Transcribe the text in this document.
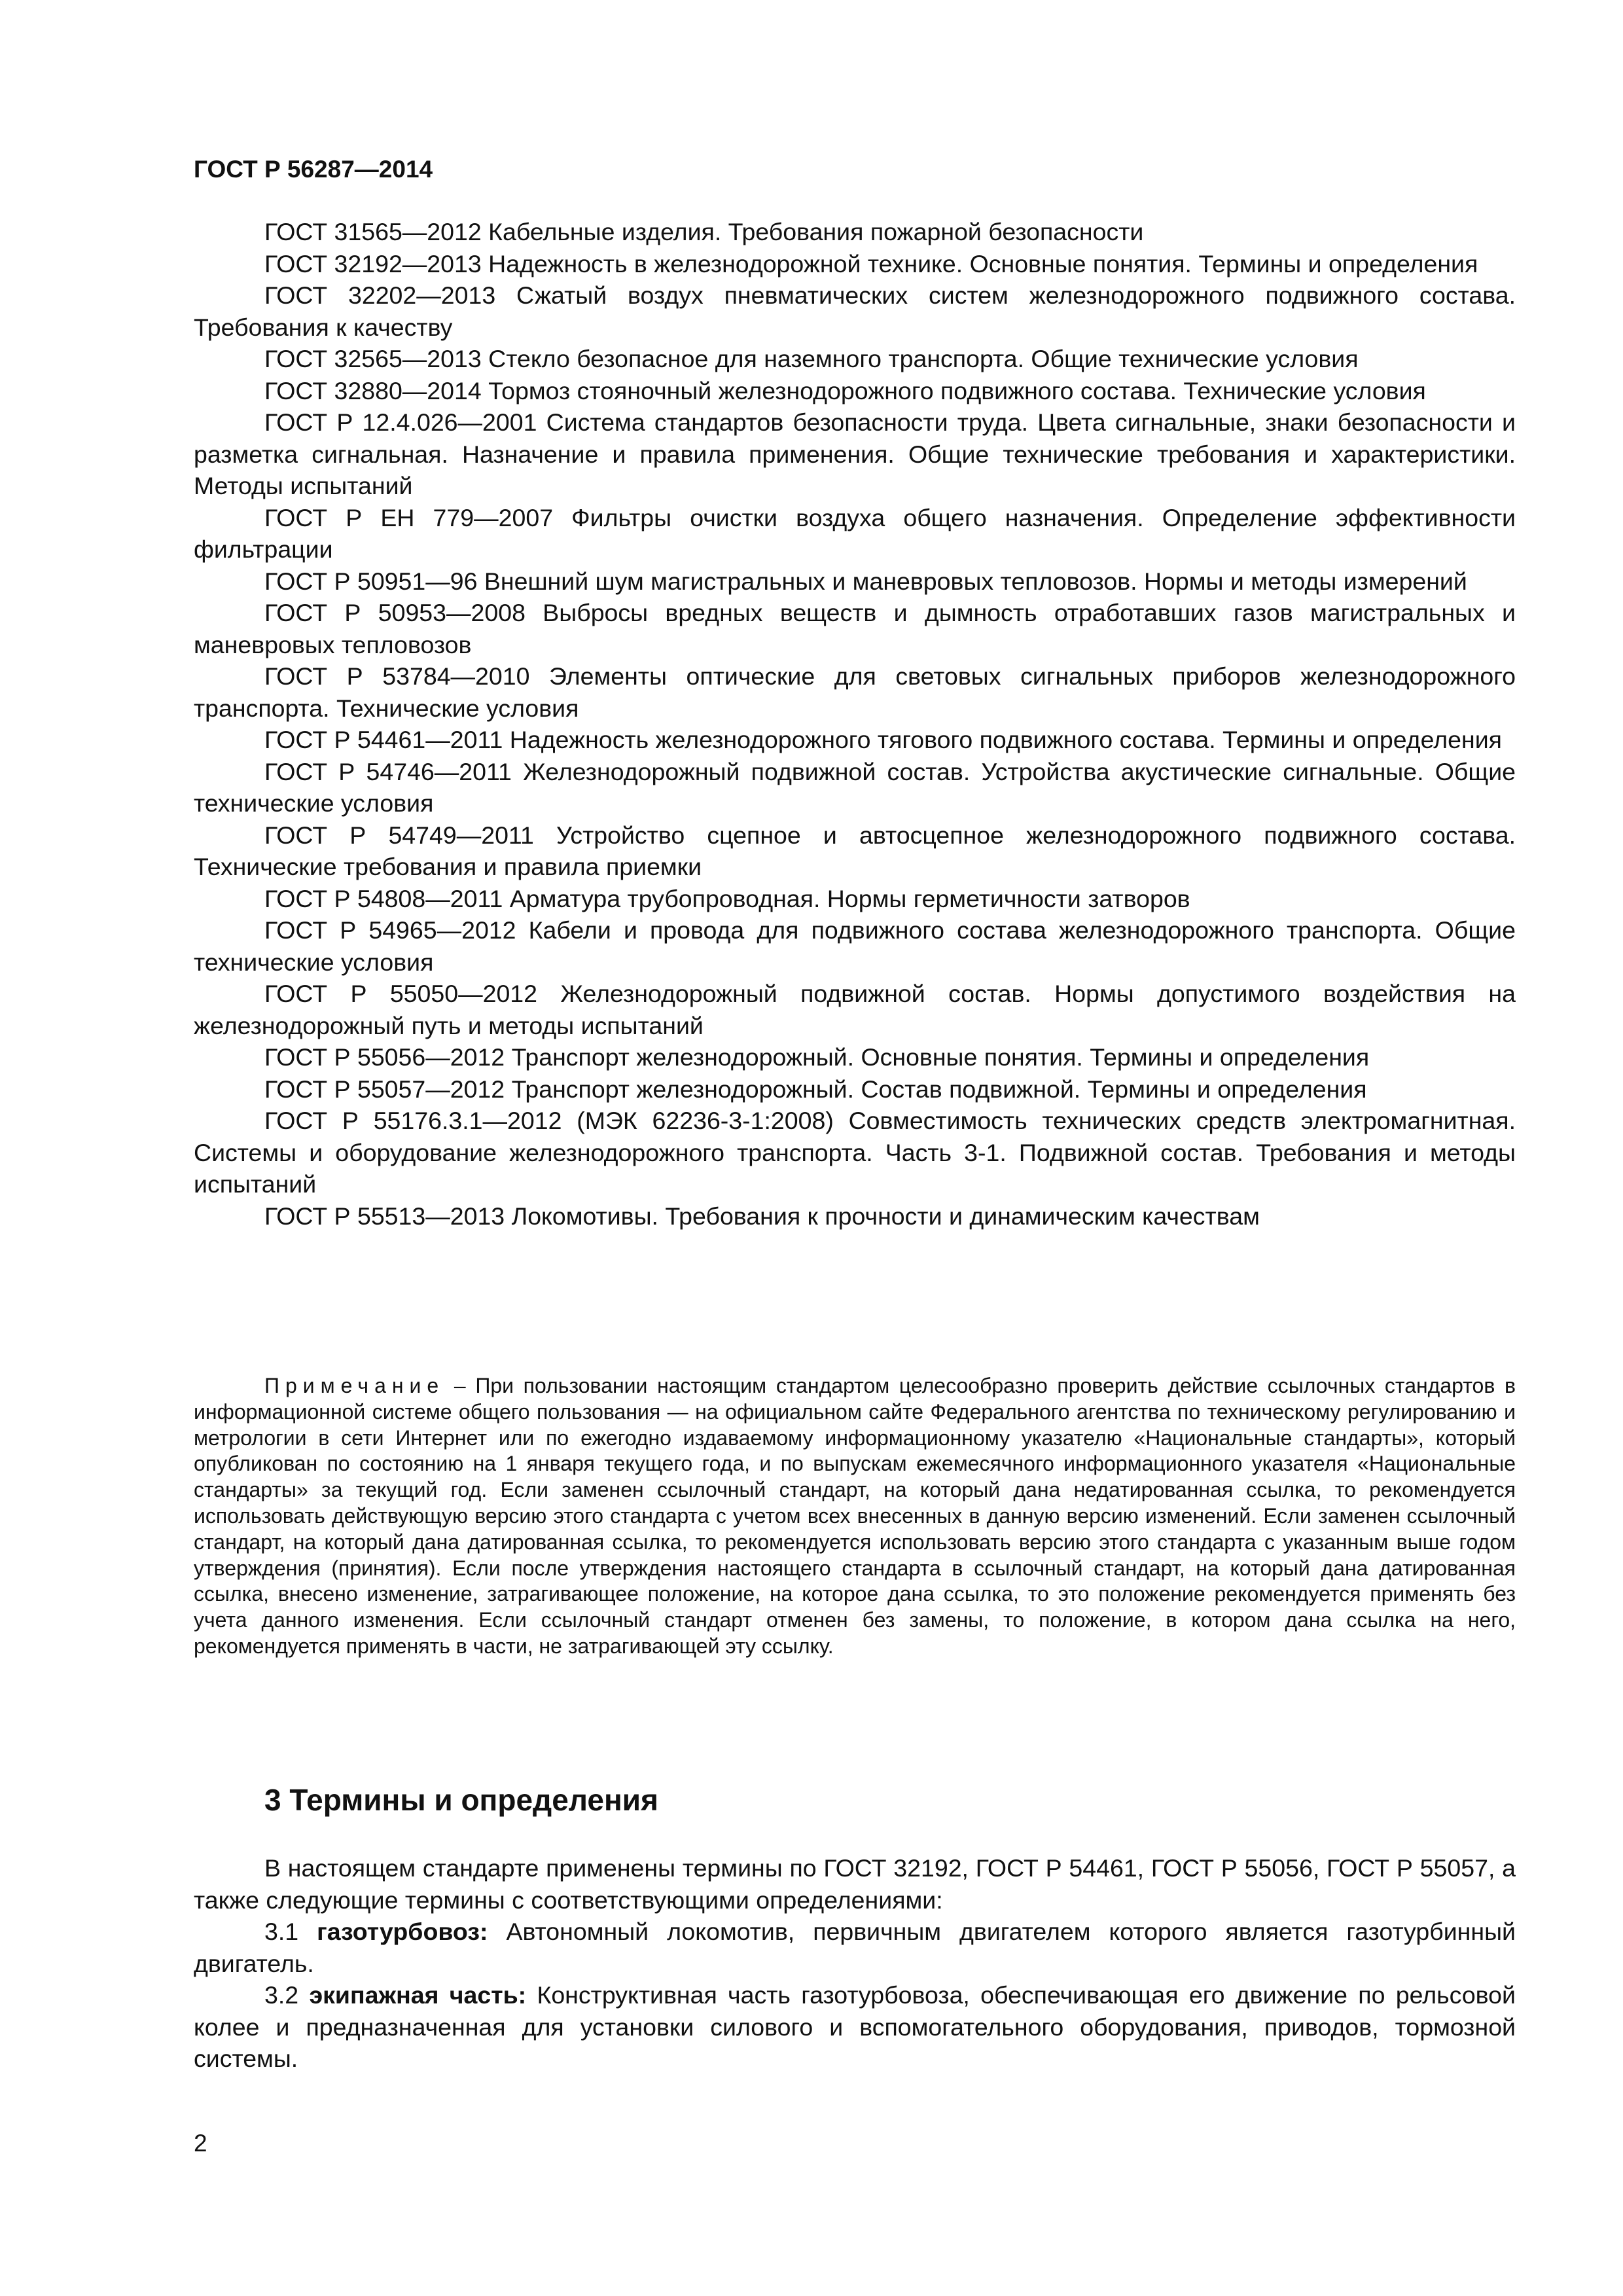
ГОСТ Р 56287—2014

ГОСТ 31565—2012 Кабельные изделия. Требования пожарной безопасности

ГОСТ 32192—2013 Надежность в железнодорожной технике. Основные понятия. Термины и определения

ГОСТ 32202—2013 Сжатый воздух пневматических систем железнодорожного подвижного состава. Требования к качеству

ГОСТ 32565—2013 Стекло безопасное для наземного транспорта. Общие технические условия

ГОСТ 32880—2014 Тормоз стояночный железнодорожного подвижного состава. Технические условия

ГОСТ Р 12.4.026—2001 Система стандартов безопасности труда. Цвета сигнальные, знаки безопасности и разметка сигнальная. Назначение и правила применения. Общие технические требования и характеристики. Методы испытаний

ГОСТ Р ЕН 779—2007 Фильтры очистки воздуха общего назначения. Определение эффективности фильтрации

ГОСТ Р 50951—96 Внешний шум магистральных и маневровых тепловозов. Нормы и методы измерений

ГОСТ Р 50953—2008 Выбросы вредных веществ и дымность отработавших газов магистральных и маневровых тепловозов

ГОСТ Р 53784—2010 Элементы оптические для световых сигнальных приборов железнодорожного транспорта. Технические условия

ГОСТ Р 54461—2011 Надежность железнодорожного тягового подвижного состава. Термины и определения

ГОСТ Р 54746—2011 Железнодорожный подвижной состав. Устройства акустические сигнальные. Общие технические условия

ГОСТ Р 54749—2011 Устройство сцепное и автосцепное железнодорожного подвижного состава. Технические требования и правила приемки

ГОСТ Р 54808—2011 Арматура трубопроводная. Нормы герметичности затворов

ГОСТ Р 54965—2012 Кабели и провода для подвижного состава железнодорожного транспорта. Общие технические условия

ГОСТ Р 55050—2012 Железнодорожный подвижной состав. Нормы допустимого воздействия на железнодорожный путь и методы испытаний

ГОСТ Р 55056—2012 Транспорт железнодорожный. Основные понятия. Термины и определения

ГОСТ Р 55057—2012 Транспорт железнодорожный. Состав подвижной. Термины и определения

ГОСТ Р 55176.3.1—2012 (МЭК 62236-3-1:2008) Совместимость технических средств электромагнитная. Системы и оборудование железнодорожного транспорта. Часть 3-1. Подвижной состав. Требования и методы испытаний

ГОСТ Р 55513—2013 Локомотивы. Требования к прочности и динамическим качествам

Примечание – При пользовании настоящим стандартом целесообразно проверить действие ссылочных стандартов в информационной системе общего пользования — на официальном сайте Федерального агентства по техническому регулированию и метрологии в сети Интернет или по ежегодно издаваемому информационному указателю «Национальные стандарты», который опубликован по состоянию на 1 января текущего года, и по выпускам ежемесячного информационного указателя «Национальные стандарты» за текущий год. Если заменен ссылочный стандарт, на который дана недатированная ссылка, то рекомендуется использовать действующую версию этого стандарта с учетом всех внесенных в данную версию изменений. Если заменен ссылочный стандарт, на который дана датированная ссылка, то рекомендуется использовать версию этого стандарта с указанным выше годом утверждения (принятия). Если после утверждения настоящего стандарта в ссылочный стандарт, на который дана датированная ссылка, внесено изменение, затрагивающее положение, на которое дана ссылка, то это положение рекомендуется применять без учета данного изменения. Если ссылочный стандарт отменен без замены, то положение, в котором дана ссылка на него, рекомендуется применять в части, не затрагивающей эту ссылку.

3 Термины и определения

В настоящем стандарте применены термины по ГОСТ 32192, ГОСТ Р 54461, ГОСТ Р 55056, ГОСТ Р 55057, а также следующие термины с соответствующими определениями:

3.1 газотурбовоз: Автономный локомотив, первичным двигателем которого является газотурбинный двигатель.

3.2 экипажная часть: Конструктивная часть газотурбовоза, обеспечивающая его движение по рельсовой колее и предназначенная для установки силового и вспомогательного оборудования, приводов, тормозной системы.

2
